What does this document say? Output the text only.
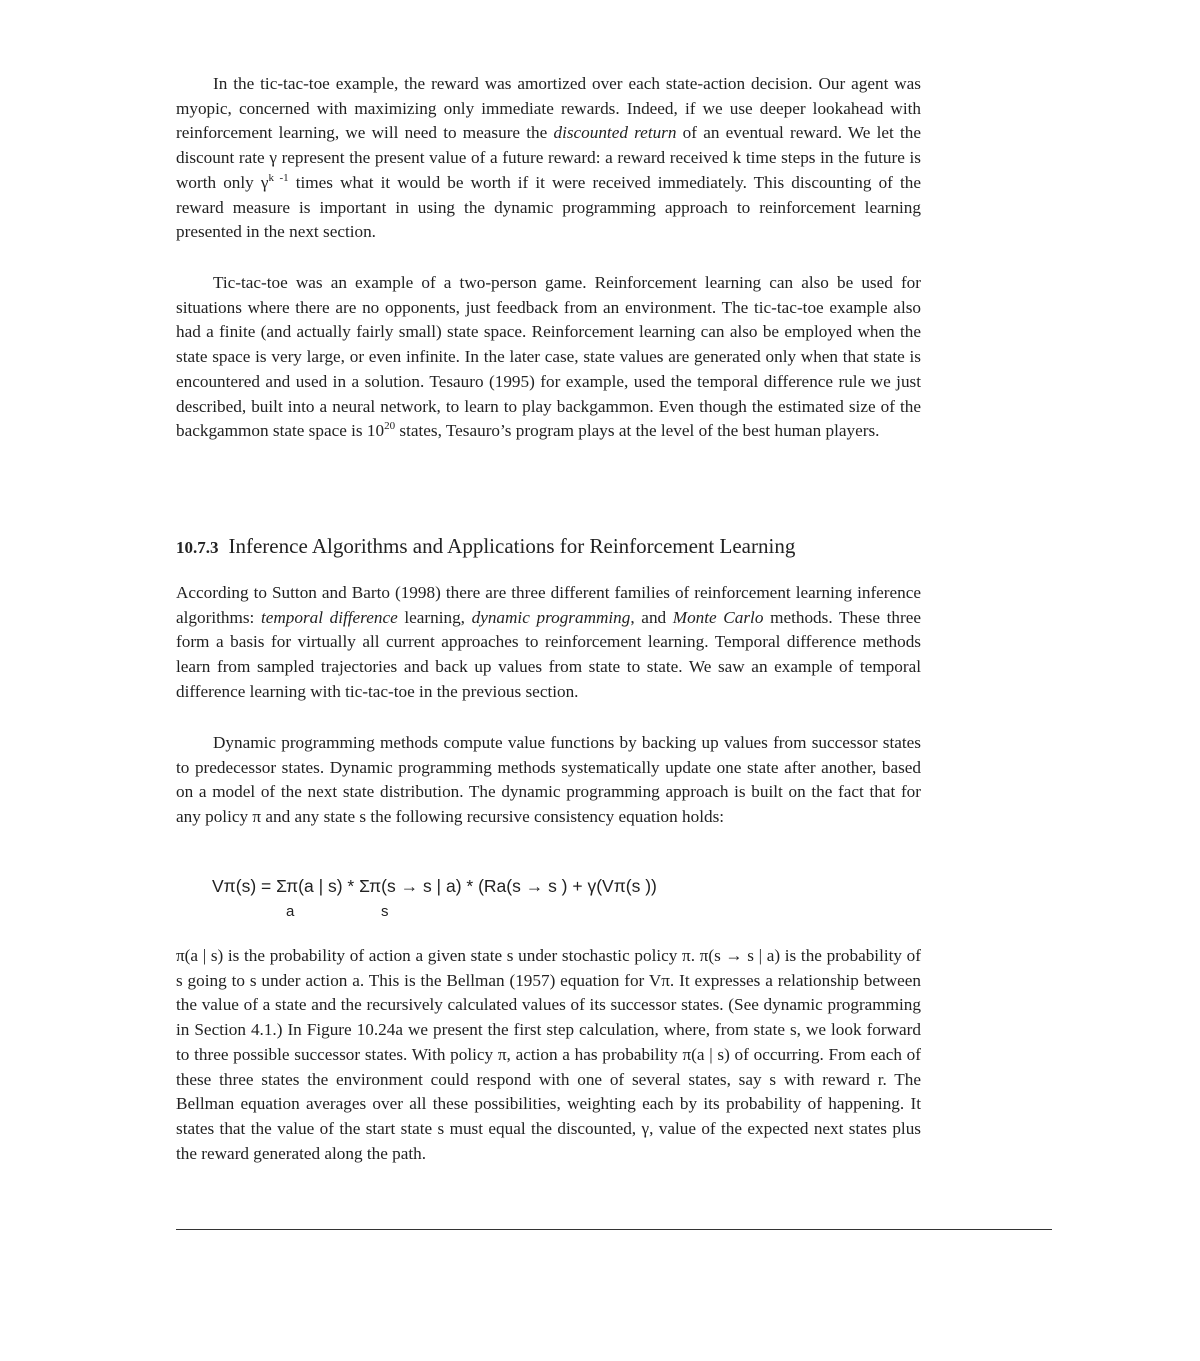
In the tic-tac-toe example, the reward was amortized over each state-action decision. Our agent was myopic, concerned with maximizing only immediate rewards. Indeed, if we use deeper lookahead with reinforcement learning, we will need to measure the discounted return of an eventual reward. We let the discount rate γ represent the present value of a future reward: a reward received k time steps in the future is worth only $\gamma^{k -1}$ times what it would be worth if it were received immediately. This discounting of the reward measure is important in using the dynamic programming approach to reinforcement learning presented in the next section.

Tic-tac-toe was an example of a two-person game. Reinforcement learning can also be used for situations where there are no opponents, just feedback from an environment. The tic-tac-toe example also had a finite (and actually fairly small) state space. Reinforcement learning can also be employed when the state space is very large, or even infinite. In the later case, state values are generated only when that state is encountered and used in a solution. Tesauro (1995) for example, used the temporal difference rule we just described, built into a neural network, to learn to play backgammon. Even though the estimated size of the backgammon state space is $10^{20}$ states, Tesauro’s program plays at the level of the best human players.

10.7.3 Inference Algorithms and Applications for Reinforcement Learning

According to Sutton and Barto (1998) there are three different families of reinforcement learning inference algorithms: temporal difference learning, dynamic programming, and Monte Carlo methods. These three form a basis for virtually all current approaches to reinforcement learning. Temporal difference methods learn from sampled trajectories and back up values from state to state. We saw an example of temporal difference learning with tic-tac-toe in the previous section.

Dynamic programming methods compute value functions by backing up values from successor states to predecessor states. Dynamic programming methods systematically update one state after another, based on a model of the next state distribution. The dynamic programming approach is built on the fact that for any policy π and any state s the following recursive consistency equation holds:

Vπ(s) = Σπ(a | s) * Σπ(s → s | a) * (Ra(s → s ) + γ(Vπ(s ))
a	s

π(a | s) is the probability of action a given state s under stochastic policy π. π(s → s | a) is the probability of s going to s under action a. This is the Bellman (1957) equation for Vπ. It expresses a relationship between the value of a state and the recursively calculated values of its successor states. (See dynamic programming in Section 4.1.) In Figure 10.24a we present the first step calculation, where, from state s, we look forward to three possible successor states. With policy π, action a has probability π(a | s) of occurring. From each of these three states the environment could respond with one of several states, say s with reward r. The Bellman equation averages over all these possibilities, weighting each by its probability of happening. It states that the value of the start state s must equal the discounted, γ, value of the expected next states plus the reward generated along the path.
